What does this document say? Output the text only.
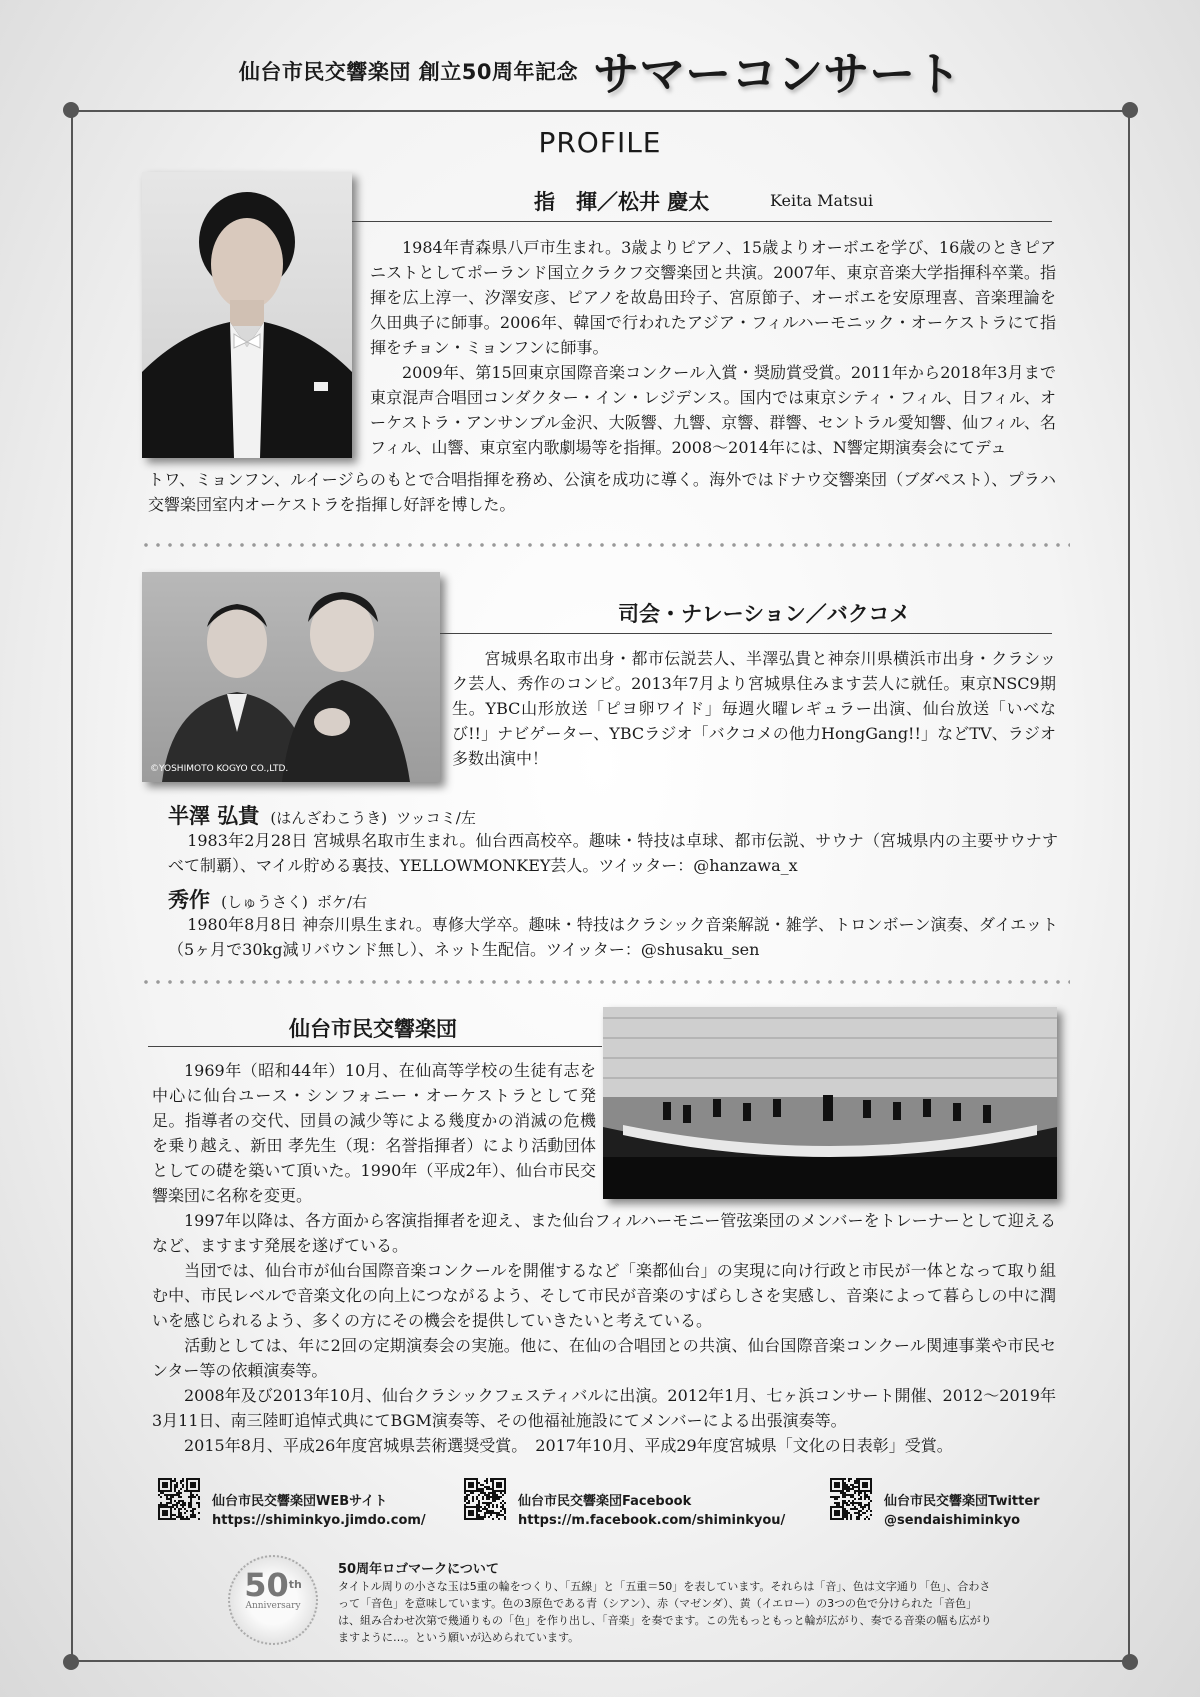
仙台市民交響楽団 創立50周年記念 サマーコンサート
PROFILE
指　揮／松井 慶太	Keita Matsui

1984年青森県八戸市生まれ。3歳よりピアノ、15歳よりオーボエを学び、16歳のときピアニストとしてポーランド国立クラクフ交響楽団と共演。2007年、東京音楽大学指揮科卒業。指揮を広上淳一、汐澤安彦、ピアノを故島田玲子、宮原節子、オーボエを安原理喜、音楽理論を久田典子に師事。2006年、韓国で行われたアジア・フィルハーモニック・オーケストラにて指揮をチョン・ミョンフンに師事。
2009年、第15回東京国際音楽コンクール入賞・奨励賞受賞。2011年から2018年3月まで東京混声合唱団コンダクター・イン・レジデンス。国内では東京シティ・フィル、日フィル、オーケストラ・アンサンブル金沢、大阪響、九響、京響、群響、セントラル愛知響、仙フィル、名フィル、山響、東京室内歌劇場等を指揮。2008〜2014年には、N響定期演奏会にてデュ

トワ、ミョンフン、ルイージらのもとで合唱指揮を務め、公演を成功に導く。海外ではドナウ交響楽団（ブダペスト）、プラハ交響楽団室内オーケストラを指揮し好評を博した。

©YOSHIMOTO KOGYO CO.,LTD.
司会・ナレーション／バクコメ

宮城県名取市出身・都市伝説芸人、半澤弘貴と神奈川県横浜市出身・クラシック芸人、秀作のコンビ。2013年7月より宮城県住みます芸人に就任。東京NSC9期生。YBC山形放送「ピヨ卵ワイド」毎週火曜レギュラー出演、仙台放送「いべなび!!」ナビゲーター、YBCラジオ「バクコメの他力HongGang!!」などTV、ラジオ多数出演中！

半澤 弘貴 (はんざわこうき) ツッコミ/左

1983年2月28日 宮城県名取市生まれ。仙台西高校卒。趣味・特技は卓球、都市伝説、サウナ（宮城県内の主要サウナすべて制覇）、マイル貯める裏技、YELLOWMONKEY芸人。ツイッター：@hanzawa_x

秀作 (しゅうさく) ボケ/右

1980年8月8日 神奈川県生まれ。専修大学卒。趣味・特技はクラシック音楽解説・雑学、トロンボーン演奏、ダイエット（5ヶ月で30kg減リバウンド無し）、ネット生配信。ツイッター：@shusaku_sen

仙台市民交響楽団

1969年（昭和44年）10月、在仙高等学校の生徒有志を中心に仙台ユース・シンフォニー・オーケストラとして発足。指導者の交代、団員の減少等による幾度かの消滅の危機を乗り越え、新田 孝先生（現：名誉指揮者）により活動団体としての礎を築いて頂いた。1990年（平成2年）、仙台市民交響楽団に名称を変更。

1997年以降は、各方面から客演指揮者を迎え、また仙台フィルハーモニー管弦楽団のメンバーをトレーナーとして迎えるなど、ますます発展を遂げている。
当団では、仙台市が仙台国際音楽コンクールを開催するなど「楽都仙台」の実現に向け行政と市民が一体となって取り組む中、市民レベルで音楽文化の向上につながるよう、そして市民が音楽のすばらしさを実感し、音楽によって暮らしの中に潤いを感じられるよう、多くの方にその機会を提供していきたいと考えている。
活動としては、年に2回の定期演奏会の実施。他に、在仙の合唱団との共演、仙台国際音楽コンクール関連事業や市民センター等の依頼演奏等。
2008年及び2013年10月、仙台クラシックフェスティバルに出演。2012年1月、七ヶ浜コンサート開催、2012〜2019年3月11日、南三陸町追悼式典にてBGM演奏等、その他福祉施設にてメンバーによる出張演奏等。
2015年8月、平成26年度宮城県芸術選奨受賞。　2017年10月、平成29年度宮城県「文化の日表彰」受賞。

仙台市民交響楽団WEBサイト
https://shiminkyo.jimdo.com/
仙台市民交響楽団Facebook
https://m.facebook.com/shiminkyou/
仙台市民交響楽団Twitter
@sendaishiminkyo
50th
Anniversary
50周年ロゴマークについて

タイトル周りの小さな玉は5重の輪をつくり、「五線」と「五重＝50」を表しています。それらは「音」、色は文字通り「色」、合わさって「音色」を意味しています。色の3原色である青（シアン）、赤（マゼンダ）、黄（イエロー）の3つの色で分けられた「音色」は、組み合わせ次第で幾通りもの「色」を作り出し、「音楽」を奏でます。この先もっともっと輪が広がり、奏でる音楽の幅も広がりますように…。という願いが込められています。
